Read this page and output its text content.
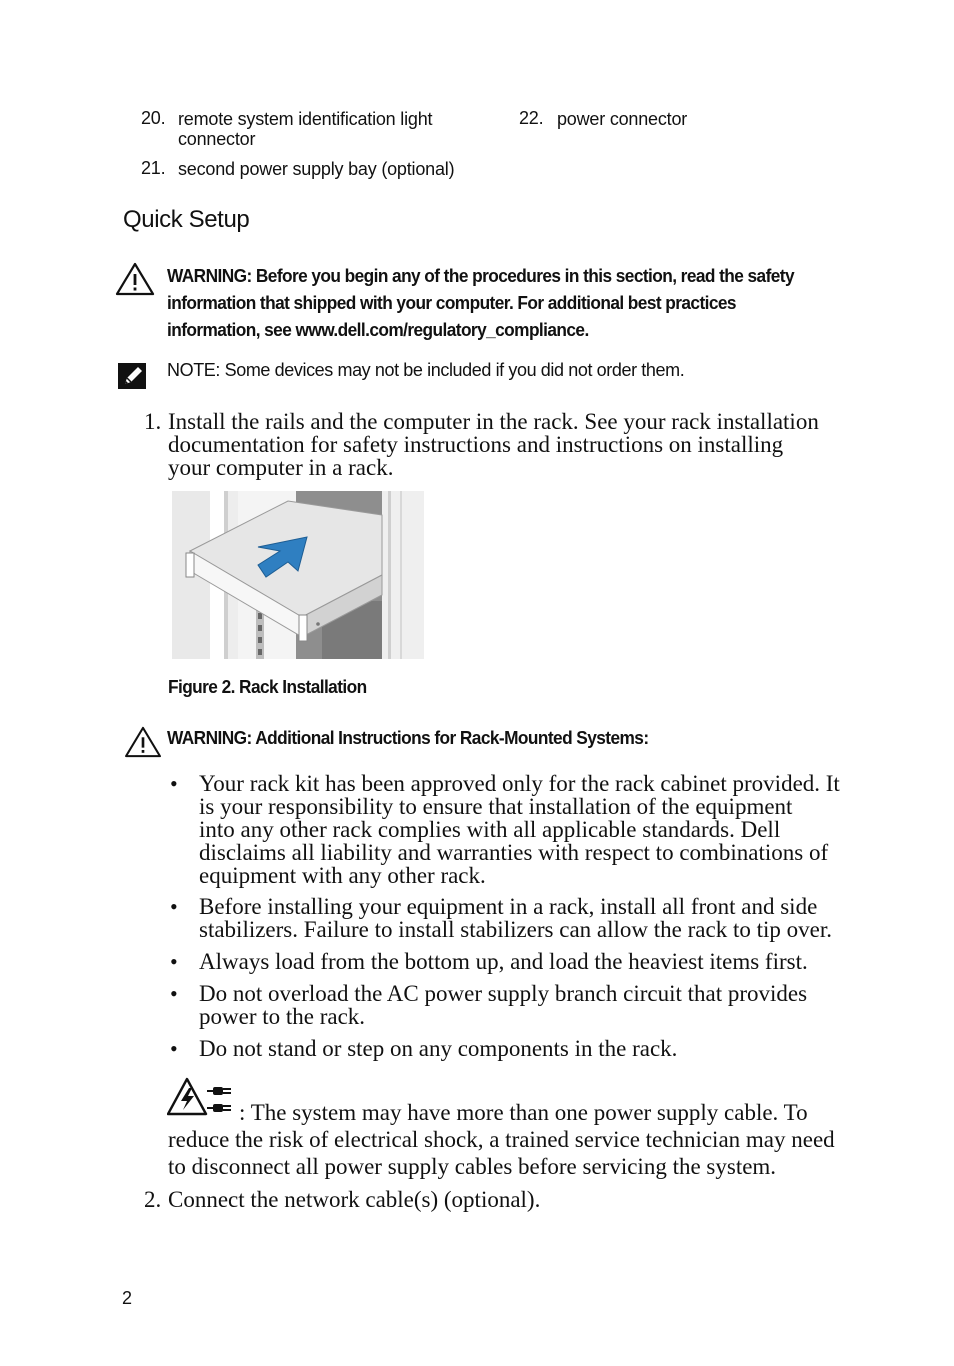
20. remote system identification light connector
21. second power supply bay (optional)
22. power connector
Quick Setup
WARNING: Before you begin any of the procedures in this section, read the safety
information that shipped with your computer. For additional best practices
information, see www.dell.com/regulatory_compliance.
NOTE: Some devices may not be included if you did not order them.
1. Install the rails and the computer in the rack. See your rack installation
documentation for safety instructions and instructions on installing
your computer in a rack.
Figure 2. Rack Installation
WARNING: Additional Instructions for Rack-Mounted Systems:
• Your rack kit has been approved only for the rack cabinet provided. It
is your responsibility to ensure that installation of the equipment
into any other rack complies with all applicable standards. Dell
disclaims all liability and warranties with respect to combinations of
equipment with any other rack.
• Before installing your equipment in a rack, install all front and side
stabilizers. Failure to install stabilizers can allow the rack to tip over.
• Always load from the bottom up, and load the heaviest items first.
• Do not overload the AC power supply branch circuit that provides
power to the rack.
• Do not stand or step on any components in the rack.
: The system may have more than one power supply cable. To
reduce the risk of electrical shock, a trained service technician may need
to disconnect all power supply cables before servicing the system.
2. Connect the network cable(s) (optional).
2
